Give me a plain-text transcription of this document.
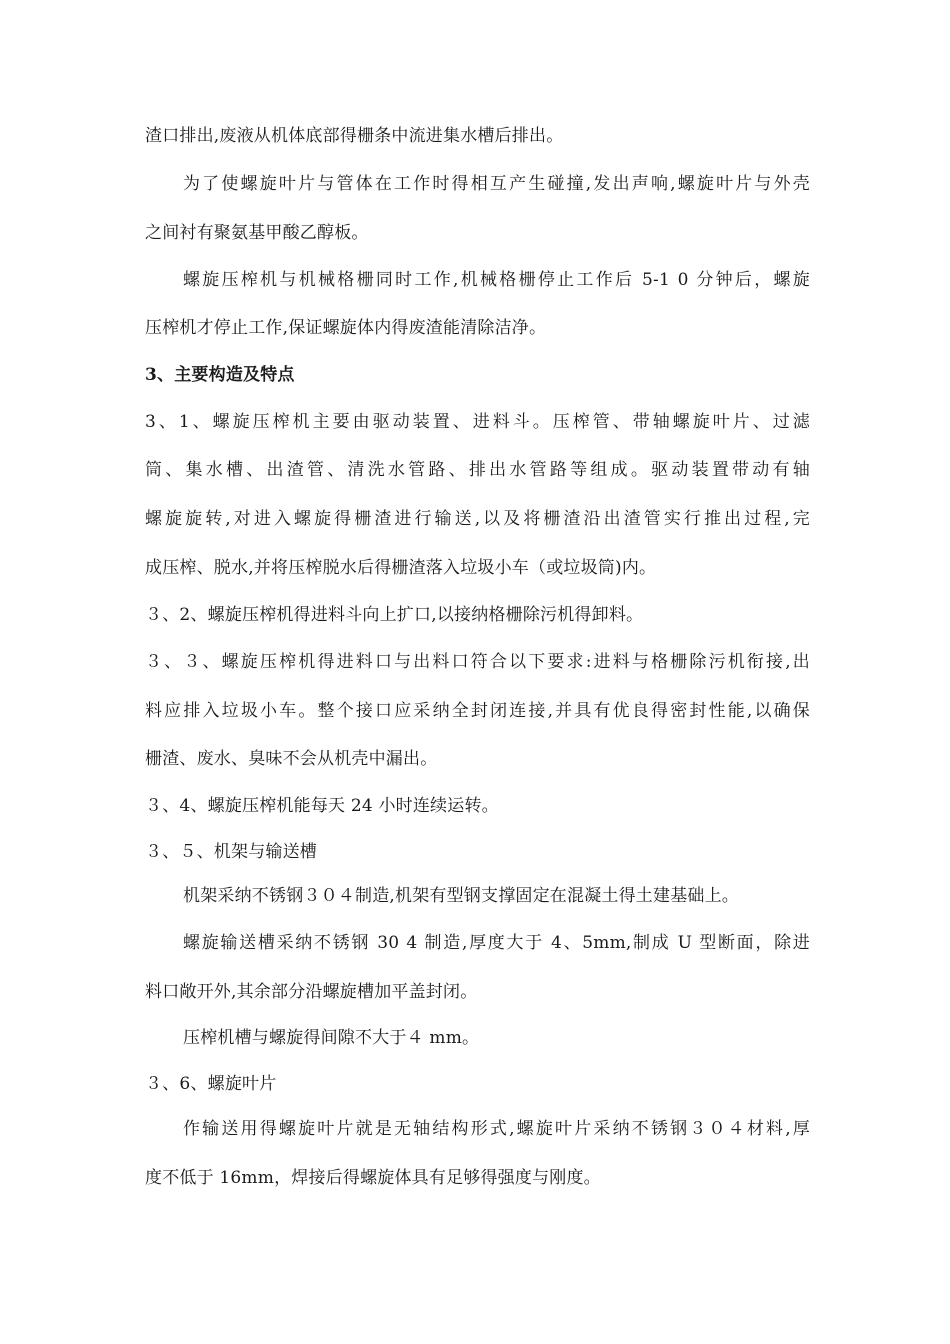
渣口排出,废液从机体底部得栅条中流进集水槽后排出。
为了使螺旋叶片与管体在工作时得相互产生碰撞,发出声响,螺旋叶片与外壳
之间衬有聚氨基甲酸乙醇板。
螺旋压榨机与机械格栅同时工作,机械格栅停止工作后 5-1 0 分钟后，螺旋
压榨机才停止工作,保证螺旋体内得废渣能清除洁净。
3、主要构造及特点
3、1、螺旋压榨机主要由驱动装置、进料斗。压榨管、带轴螺旋叶片、过滤
筒、集水槽、出渣管、清洗水管路、排出水管路等组成。驱动装置带动有轴
螺旋旋转,对进入螺旋得栅渣进行输送,以及将栅渣沿出渣管实行推出过程,完
成压榨、脱水,并将压榨脱水后得栅渣落入垃圾小车（或垃圾筒)内。
３、2、螺旋压榨机得进料斗向上扩口,以接纳格栅除污机得卸料。
３、３、螺旋压榨机得进料口与出料口符合以下要求:进料与格栅除污机衔接,出
料应排入垃圾小车。整个接口应采纳全封闭连接,并具有优良得密封性能,以确保
栅渣、废水、臭味不会从机壳中漏出。
３、4、螺旋压榨机能每天 24 小时连续运转。
３、５、机架与输送槽
机架采纳不锈钢３０４制造,机架有型钢支撑固定在混凝土得土建基础上。
螺旋输送槽采纳不锈钢 30 4 制造,厚度大于 4、5mm,制成 U 型断面，除进
料口敞开外,其余部分沿螺旋槽加平盖封闭。
压榨机槽与螺旋得间隙不大于４ mm。
３、6、螺旋叶片
作输送用得螺旋叶片就是无轴结构形式,螺旋叶片采纳不锈钢３０４材料,厚
度不低于 16mm，焊接后得螺旋体具有足够得强度与刚度。
